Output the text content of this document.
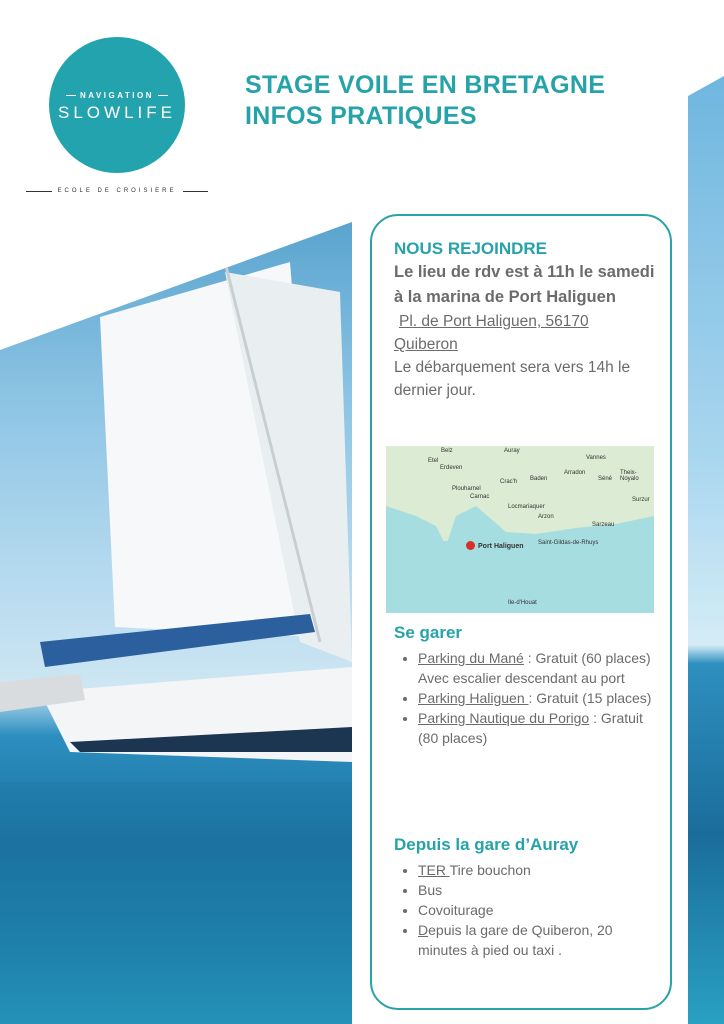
NAVIGATION
SLOWLIFE
ECOLE DE CROISIERE
STAGE VOILE EN BRETAGNE
INFOS PRATIQUES
NOUS REJOINDRE
Le lieu de rdv est à 11h le samedi à la marina de Port Haliguen
Pl. de Port Haliguen, 56170
Quiberon
Le débarquement sera vers 14h le dernier jour.
Port Haliguen
Belz	Auray
Vannes
Etel
Erdeven
Crac'h Baden
Arradon
Séné
Theix-Noyalo
Plouharnel
Carnac
Locmariaquer
Arzon
Sarzeau
Surzur
Saint-Gildas-de-Rhuys
Ile-d'Houat
Se garer
• Parking du Mané : Gratuit (60 places) Avec escalier descendant au port
• Parking Haliguen : Gratuit (15 places)
• Parking Nautique du Porigo : Gratuit (80 places)
Depuis la gare d’Auray
• TER Tire bouchon
• Bus
• Covoiturage
• Depuis la gare de Quiberon, 20 minutes à pied ou taxi .
